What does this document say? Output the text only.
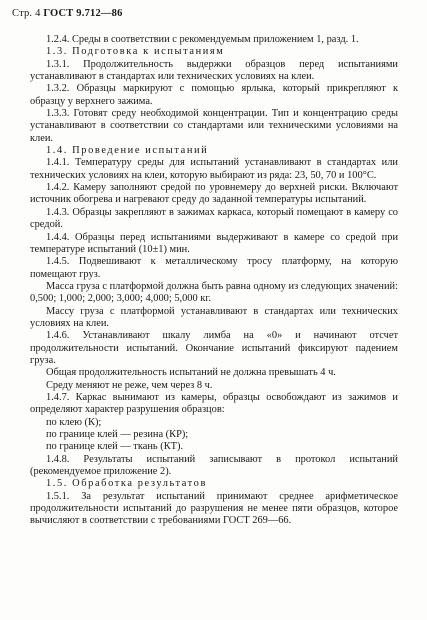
Стр. 4 ГОСТ 9.712—86

1.2.4. Среды в соответствии с рекомендуемым приложением 1, разд. 1.

1.3. Подготовка к испытаниям

1.3.1. Продолжительность выдержки образцов перед испытаниями устанавливают в стандартах или технических условиях на клеи.

1.3.2. Образцы маркируют с помощью ярлыка, который прикрепляют к образцу у верхнего зажима.

1.3.3. Готовят среду необходимой концентрации. Тип и концентрацию среды устанавливают в соответствии со стандартами или техническими условиями на клеи.

1.4. Проведение испытаний

1.4.1. Температуру среды для испытаний устанавливают в стандартах или технических условиях на клеи, которую выбирают из ряда: 23, 50, 70 и 100°С.

1.4.2. Камеру заполняют средой по уровнемеру до верхней риски. Включают источник обогрева и нагревают среду до заданной температуры испытаний.

1.4.3. Образцы закрепляют в зажимах каркаса, который помещают в камеру со средой.

1.4.4. Образцы перед испытаниями выдерживают в камере со средой при температуре испытаний (10±1) мин.

1.4.5. Подвешивают к металлическому тросу платформу, на которую помещают груз.

Масса груза с платформой должна быть равна одному из следующих значений: 0,500; 1,000; 2,000; 3,000; 4,000; 5,000 кг.

Массу груза с платформой устанавливают в стандартах или технических условиях на клеи.

1.4.6. Устанавливают шкалу лимба на «0» и начинают отсчет продолжительности испытаний. Окончание испытаний фиксируют падением груза.

Общая продолжительность испытаний не должна превышать 4 ч.

Среду меняют не реже, чем через 8 ч.

1.4.7. Каркас вынимают из камеры, образцы освобождают из зажимов и определяют характер разрушения образцов:

по клею (К);

по границе клей — резина (КР);

по границе клей — ткань (КТ).

1.4.8. Результаты испытаний записывают в протокол испытаний (рекомендуемое приложение 2).

1.5. Обработка результатов

1.5.1. За результат испытаний принимают среднее арифметическое продолжительности испытаний до разрушения не менее пяти образцов, которое вычисляют в соответствии с требованиями ГОСТ 269—66.
